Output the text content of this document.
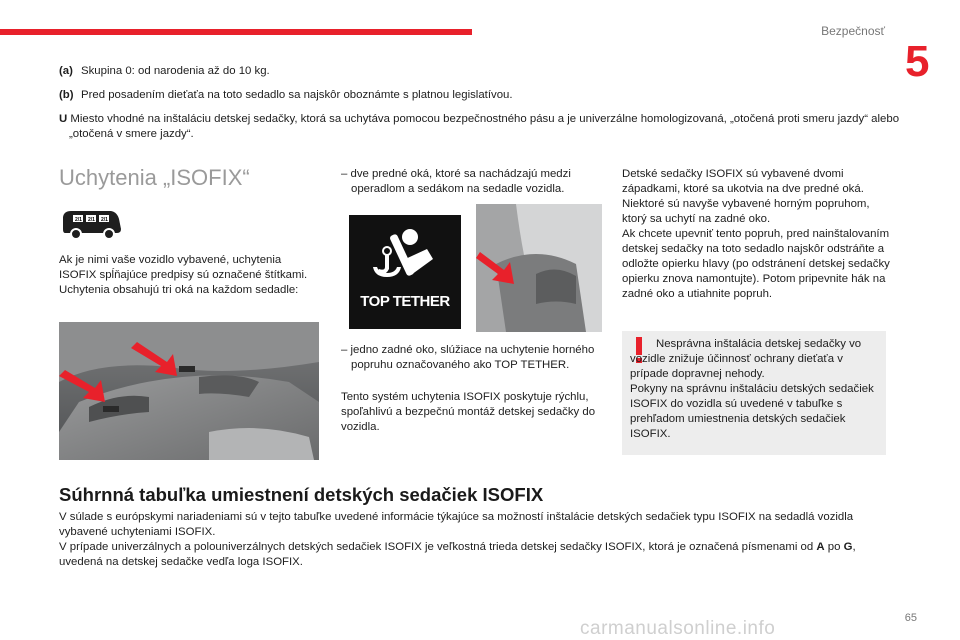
Bezpečnosť
5

(a) Skupina 0: od narodenia až do 10 kg.

(b) Pred posadením dieťaťa na toto sedadlo sa najskôr oboznámte s platnou legislatívou.

U Miesto vhodné na inštaláciu detskej sedačky, ktorá sa uchytáva pomocou bezpečnostného pásu a je univerzálne homologizovaná, „otočená proti smeru jazdy“ alebo „otočená v smere jazdy“.

Uchytenia „ISOFIX“
2/1 2/1 2/1

Ak je nimi vaše vozidlo vybavené, uchytenia ISOFIX spĺňajúce predpisy sú označené štítkami.
Uchytenia obsahujú tri oká na každom sedadle:

– dve predné oká, ktoré sa nachádzajú medzi operadlom a sedákom na sedadle vozidla.

TOP TETHER

– jedno zadné oko, slúžiace na uchytenie horného popruhu označovaného ako TOP TETHER.

Tento systém uchytenia ISOFIX poskytuje rýchlu, spoľahlivú a bezpečnú montáž detskej sedačky do vozidla.

Detské sedačky ISOFIX sú vybavené dvomi západkami, ktoré sa ukotvia na dve predné oká. Niektoré sú navyše vybavené horným popruhom, ktorý sa uchytí na zadné oko.
Ak chcete upevniť tento popruh, pred nainštalovaním detskej sedačky na toto sedadlo najskôr odstráňte a odložte opierku hlavy (po odstránení detskej sedačky opierku znova namontujte). Potom pripevnite hák na zadné oko a utiahnite popruh.

Nesprávna inštalácia detskej sedačky vo vozidle znižuje účinnosť ochrany dieťaťa v prípade dopravnej nehody.
Pokyny na správnu inštaláciu detských sedačiek ISOFIX do vozidla sú uvedené v tabuľke s prehľadom umiestnenia detských sedačiek ISOFIX.

Súhrnná tabuľka umiestnení detských sedačiek ISOFIX

V súlade s európskymi nariadeniami sú v tejto tabuľke uvedené informácie týkajúce sa možností inštalácie detských sedačiek typu ISOFIX na sedadlá vozidla vybavené uchyteniami ISOFIX.
V prípade univerzálnych a polouniverzálnych detských sedačiek ISOFIX je veľkostná trieda detskej sedačky ISOFIX, ktorá je označená písmenami od A po G, uvedená na detskej sedačke vedľa loga ISOFIX.

65
carmanualsonline.info
